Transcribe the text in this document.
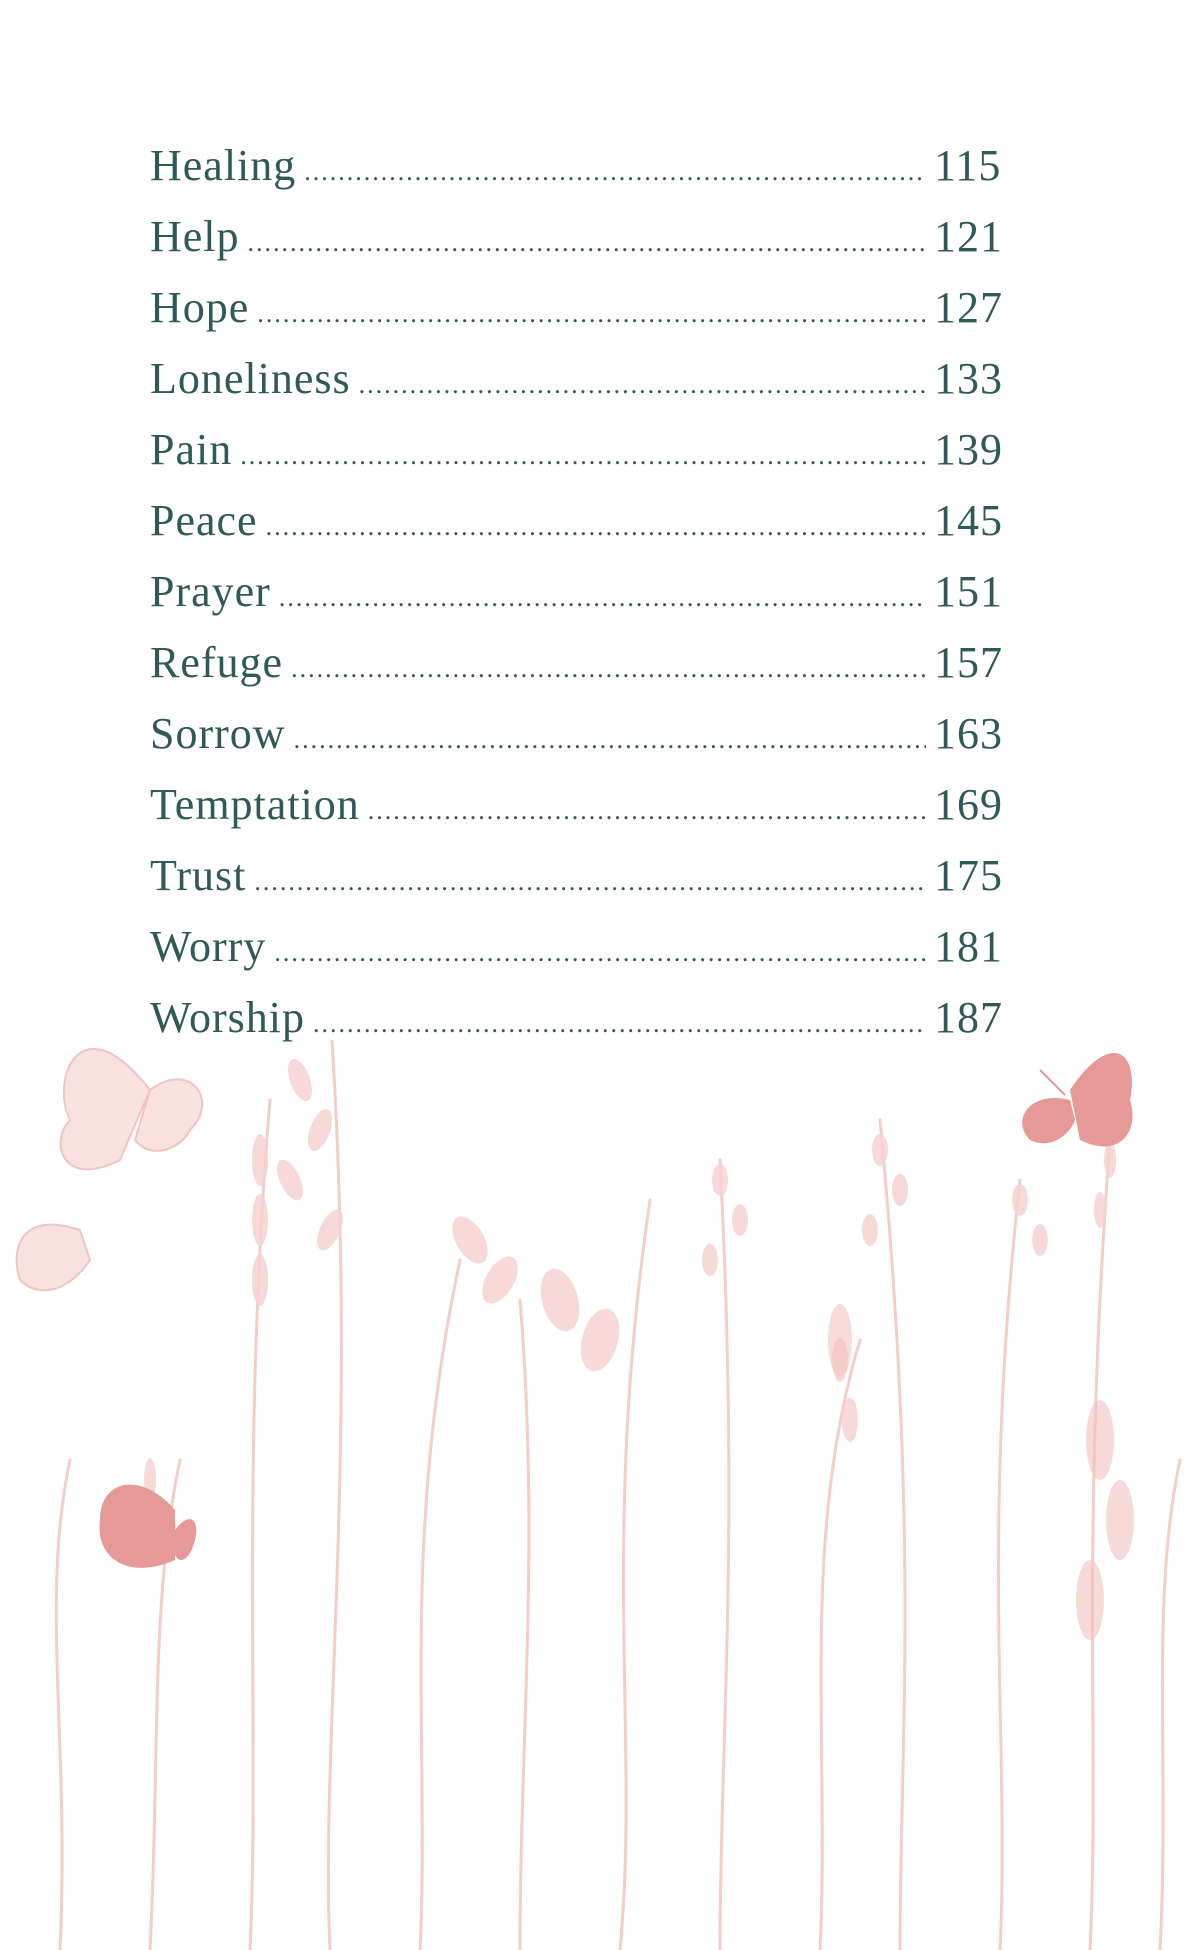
Healing .....	115
Help .....	121
Hope .....	127
Loneliness .....	133
Pain .....	139
Peace .....	145
Prayer .....	151
Refuge .....	157
Sorrow .....	163
Temptation .....	169
Trust .....	175
Worry .....	181
Worship .....	187
